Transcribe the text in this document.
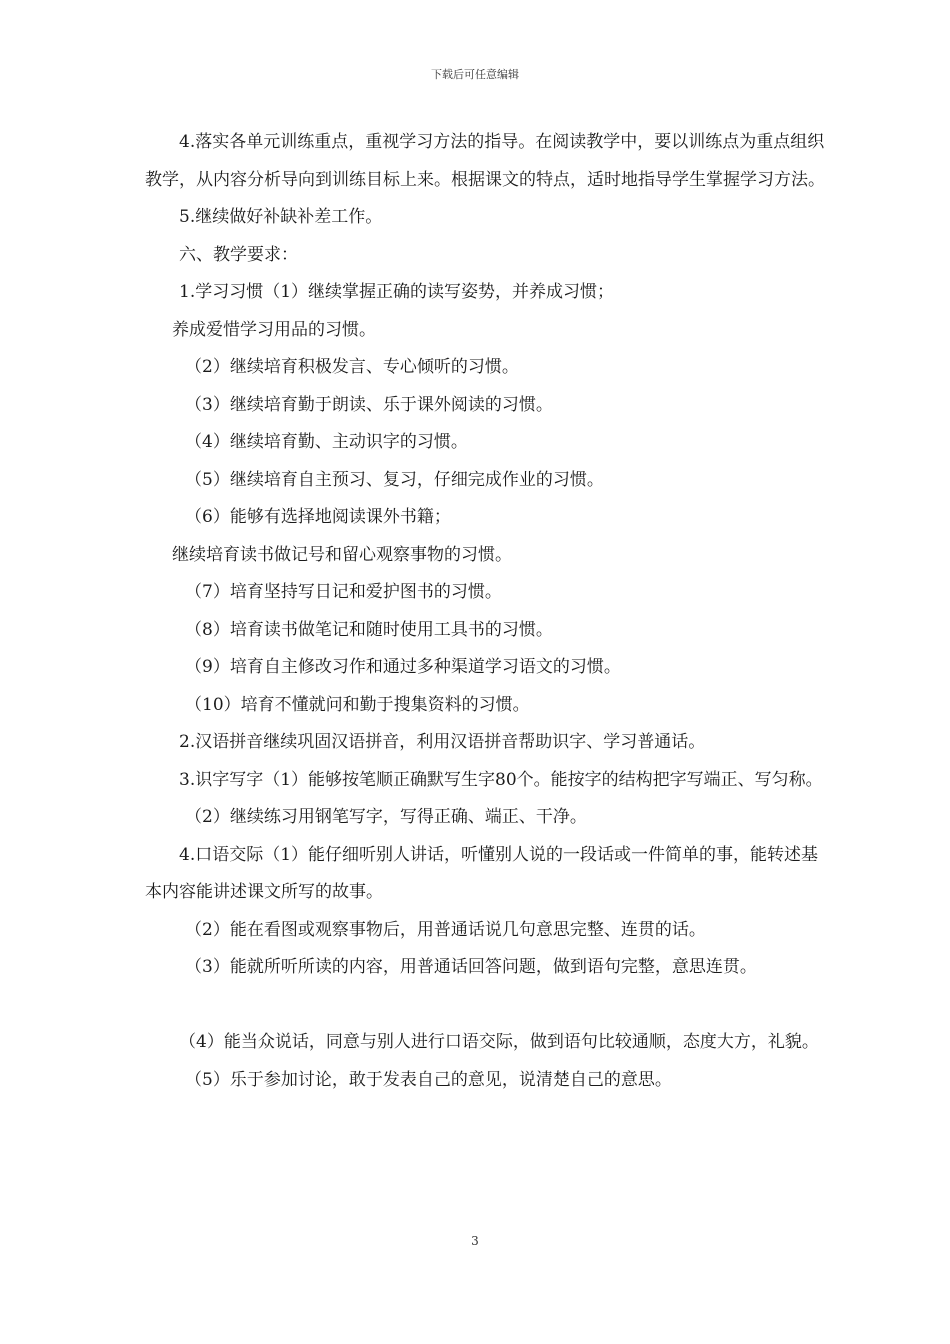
下载后可任意编辑

4.落实各单元训练重点，重视学习方法的指导。在阅读教学中，要以训练点为重点组织教学，从内容分析导向到训练目标上来。根据课文的特点，适时地指导学生掌握学习方法。

5.继续做好补缺补差工作。

六、教学要求：

1.学习习惯（1）继续掌握正确的读写姿势，并养成习惯；

养成爱惜学习用品的习惯。

（2）继续培育积极发言、专心倾听的习惯。

（3）继续培育勤于朗读、乐于课外阅读的习惯。

（4）继续培育勤、主动识字的习惯。

（5）继续培育自主预习、复习，仔细完成作业的习惯。

（6）能够有选择地阅读课外书籍；

继续培育读书做记号和留心观察事物的习惯。

（7）培育坚持写日记和爱护图书的习惯。

（8）培育读书做笔记和随时使用工具书的习惯。

（9）培育自主修改习作和通过多种渠道学习语文的习惯。

（10）培育不懂就问和勤于搜集资料的习惯。

2.汉语拼音继续巩固汉语拼音，利用汉语拼音帮助识字、学习普通话。

3.识字写字（1）能够按笔顺正确默写生字80个。能按字的结构把字写端正、写匀称。

（2）继续练习用钢笔写字，写得正确、端正、干净。

4.口语交际（1）能仔细听别人讲话，听懂别人说的一段话或一件简单的事，能转述基本内容能讲述课文所写的故事。

（2）能在看图或观察事物后，用普通话说几句意思完整、连贯的话。

（3）能就所听所读的内容，用普通话回答问题，做到语句完整，意思连贯。

（4）能当众说话，同意与别人进行口语交际，做到语句比较通顺，态度大方，礼貌。

（5）乐于参加讨论，敢于发表自己的意见，说清楚自己的意思。

3
